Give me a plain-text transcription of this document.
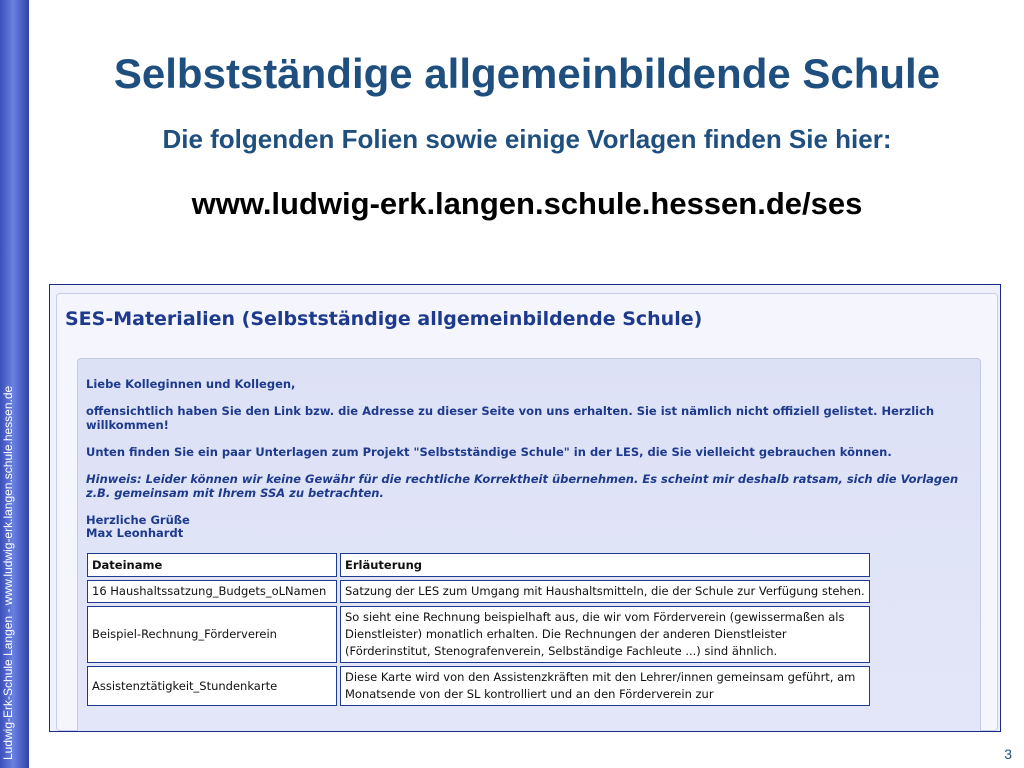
Ludwig-Erk-Schule Langen - www.ludwig-erk.langen.schule.hessen.de
Selbstständige allgemeinbildende Schule
Die folgenden Folien sowie einige Vorlagen finden Sie hier:
www.ludwig-erk.langen.schule.hessen.de/ses
SES-Materialien (Selbstständige allgemeinbildende Schule)

Liebe Kolleginnen und Kollegen,

offensichtlich haben Sie den Link bzw. die Adresse zu dieser Seite von uns erhalten. Sie ist nämlich nicht offiziell gelistet. Herzlich willkommen!

Unten finden Sie ein paar Unterlagen zum Projekt "Selbstständige Schule" in der LES, die Sie vielleicht gebrauchen können.

Hinweis: Leider können wir keine Gewähr für die rechtliche Korrektheit übernehmen. Es scheint mir deshalb ratsam, sich die Vorlagen z.B. gemeinsam mit Ihrem SSA zu betrachten.

Herzliche Grüße

Max Leonhardt

Dateiname	Erläuterung
16 Haushaltssatzung_Budgets_oLNamen	Satzung der LES zum Umgang mit Haushaltsmitteln, die der Schule zur Verfügung stehen.
Beispiel-Rechnung_Förderverein	So sieht eine Rechnung beispielhaft aus, die wir vom Förderverein (gewissermaßen als Dienstleister) monatlich erhalten. Die Rechnungen der anderen Dienstleister (Förderinstitut, Stenografenverein, Selbständige Fachleute ...) sind ähnlich.
Assistenztätigkeit_Stundenkarte	Diese Karte wird von den Assistenzkräften mit den Lehrer/innen gemeinsam geführt, am Monatsende von der SL kontrolliert und an den Förderverein zur
3
